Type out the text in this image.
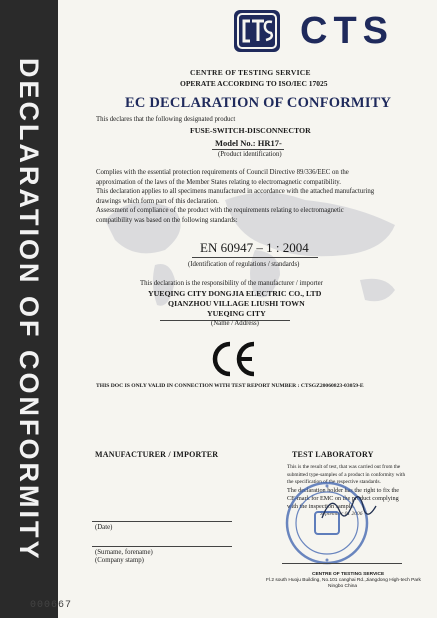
DECLARATION OF CONFORMITY
000667
CTS
CENTRE OF TESTING SERVICE
OPERATE ACCORDING TO ISO/IEC 17025
EC DECLARATION OF CONFORMITY
This declares that the following designated product
FUSE-SWITCH-DISCONNECTOR
Model No.: HR17-
(Product identification)
Complies with the essential protection requirements of Council Directive 89/336/EEC on the
approximation of the laws of the Member States relating to electromagnetic compatibility.
This declaration applies to all specimens manufactured in accordance with the attached manufacturing
drawings which form part of this declaration.
Assessment of compliance of the product with the requirements relating to electromagnetic
compatibility was based on the following standards:
EN 60947 – 1 : 2004
(Identification of regulations / standards)
This declaration is the responsibility of the manufacturer / importer
YUEQING CITY DONGJIA ELECTRIC CO., LTD
QIANZHOU VILLAGE LIUSHI TOWN
YUEQING CITY
(Name / Address)
THIS DOC IS ONLY VALID IN CONNECTION WITH TEST REPORT NUMBER : CTSGZ20060823-03059-E
MANUFACTURER / IMPORTER
(Date)
(Surname, forename)
(Company stamp)
TEST LABORATORY
This is the result of test, that was carried out from the
submitted type-samples of a product in conformity with
the specification of the respective standards.
The declaration holder has the right to fix the
CE-mark for EMC on the product complying
with the inspection sample.
September 01 2006
CENTRE OF TESTING SERVICE
Fl.2 south Huoju Building, No.101 canghai Rd.,Jiangdong High-tech Park
Ningbo China
